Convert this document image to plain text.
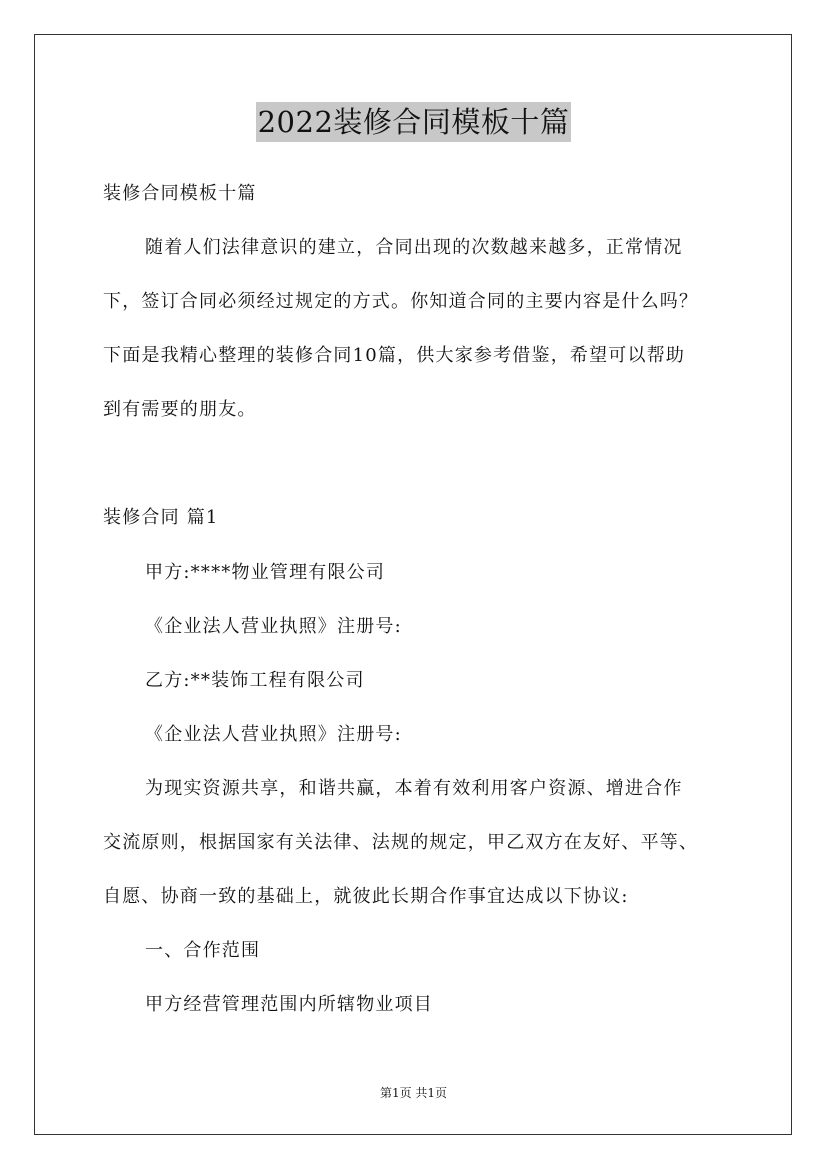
2022装修合同模板十篇
装修合同模板十篇
随着人们法律意识的建立，合同出现的次数越来越多，正常情况
下，签订合同必须经过规定的方式。你知道合同的主要内容是什么吗？
下面是我精心整理的装修合同10篇，供大家参考借鉴，希望可以帮助
到有需要的朋友。
装修合同 篇1
甲方:****物业管理有限公司
《企业法人营业执照》注册号:
乙方:**装饰工程有限公司
《企业法人营业执照》注册号:
为现实资源共享，和谐共赢，本着有效利用客户资源、增进合作
交流原则，根据国家有关法律、法规的规定，甲乙双方在友好、平等、
自愿、协商一致的基础上，就彼此长期合作事宜达成以下协议:
一、合作范围
甲方经营管理范围内所辖物业项目
第1页 共1页
